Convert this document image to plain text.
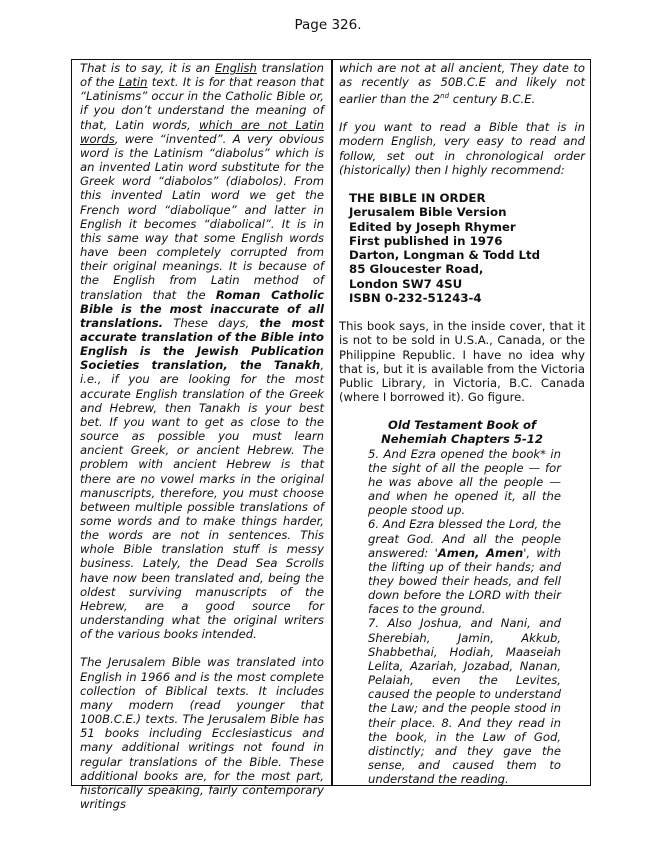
Page 326.

That is to say, it is an English translation of the Latin text. It is for that reason that “Latinisms” occur in the Catholic Bible or, if you don’t understand the meaning of that, Latin words, which are not Latin words, were “invented”. A very obvious word is the Latinism “diabolus” which is an invented Latin word substitute for the Greek word “diabolos” (diabolos). From this invented Latin word we get the French word “diabolique” and latter in English it becomes “diabolical”. It is in this same way that some English words have been completely corrupted from their original meanings. It is because of the English from Latin method of translation that the Roman Catholic Bible is the most inaccurate of all translations. These days, the most accurate translation of the Bible into English is the Jewish Publication Societies translation, the Tanakh, i.e., if you are looking for the most accurate English translation of the Greek and Hebrew, then Tanakh is your best bet. If you want to get as close to the source as possible you must learn ancient Greek, or ancient Hebrew. The problem with ancient Hebrew is that there are no vowel marks in the original manuscripts, therefore, you must choose between multiple possible translations of some words and to make things harder, the words are not in sentences. This whole Bible translation stuff is messy business. Lately, the Dead Sea Scrolls have now been translated and, being the oldest surviving manuscripts of the Hebrew, are a good source for understanding what the original writers of the various books intended.

The Jerusalem Bible was translated into English in 1966 and is the most complete collection of Biblical texts. It includes many modern (read younger that 100B.C.E.) texts. The Jerusalem Bible has 51 books including Ecclesiasticus and many additional writings not found in regular translations of the Bible. These additional books are, for the most part, historically speaking, fairly contemporary writings

which are not at all ancient, They date to as recently as 50B.C.E and likely not earlier than the 2nd century B.C.E.

If you want to read a Bible that is in modern English, very easy to read and follow, set out in chronological order (historically) then I highly recommend:

THE BIBLE IN ORDER
Jerusalem Bible Version
Edited by Joseph Rhymer
First published in 1976
Darton, Longman & Todd Ltd
85 Gloucester Road,
London SW7 4SU
ISBN 0-232-51243-4

This book says, in the inside cover, that it is not to be sold in U.S.A., Canada, or the Philippine Republic. I have no idea why that is, but it is available from the Victoria Public Library, in Victoria, B.C. Canada (where I borrowed it). Go figure.

Old Testament Book of

Nehemiah Chapters 5-12

5. And Ezra opened the book* in the sight of all the people — for he was above all the people — and when he opened it, all the people stood up.
6. And Ezra blessed the Lord, the great God. And all the people answered: 'Amen, Amen', with the lifting up of their hands; and they bowed their heads, and fell down before the LORD with their faces to the ground.
7. Also Joshua, and Nani, and Sherebiah, Jamin, Akkub, Shabbethai, Hodiah, Maaseiah Lelita, Azariah, Jozabad, Nanan, Pelaiah, even the Levites, caused the people to understand the Law; and the people stood in their place. 8. And they read in the book, in the Law of God, distinctly; and they gave the sense, and caused them to understand the reading.
